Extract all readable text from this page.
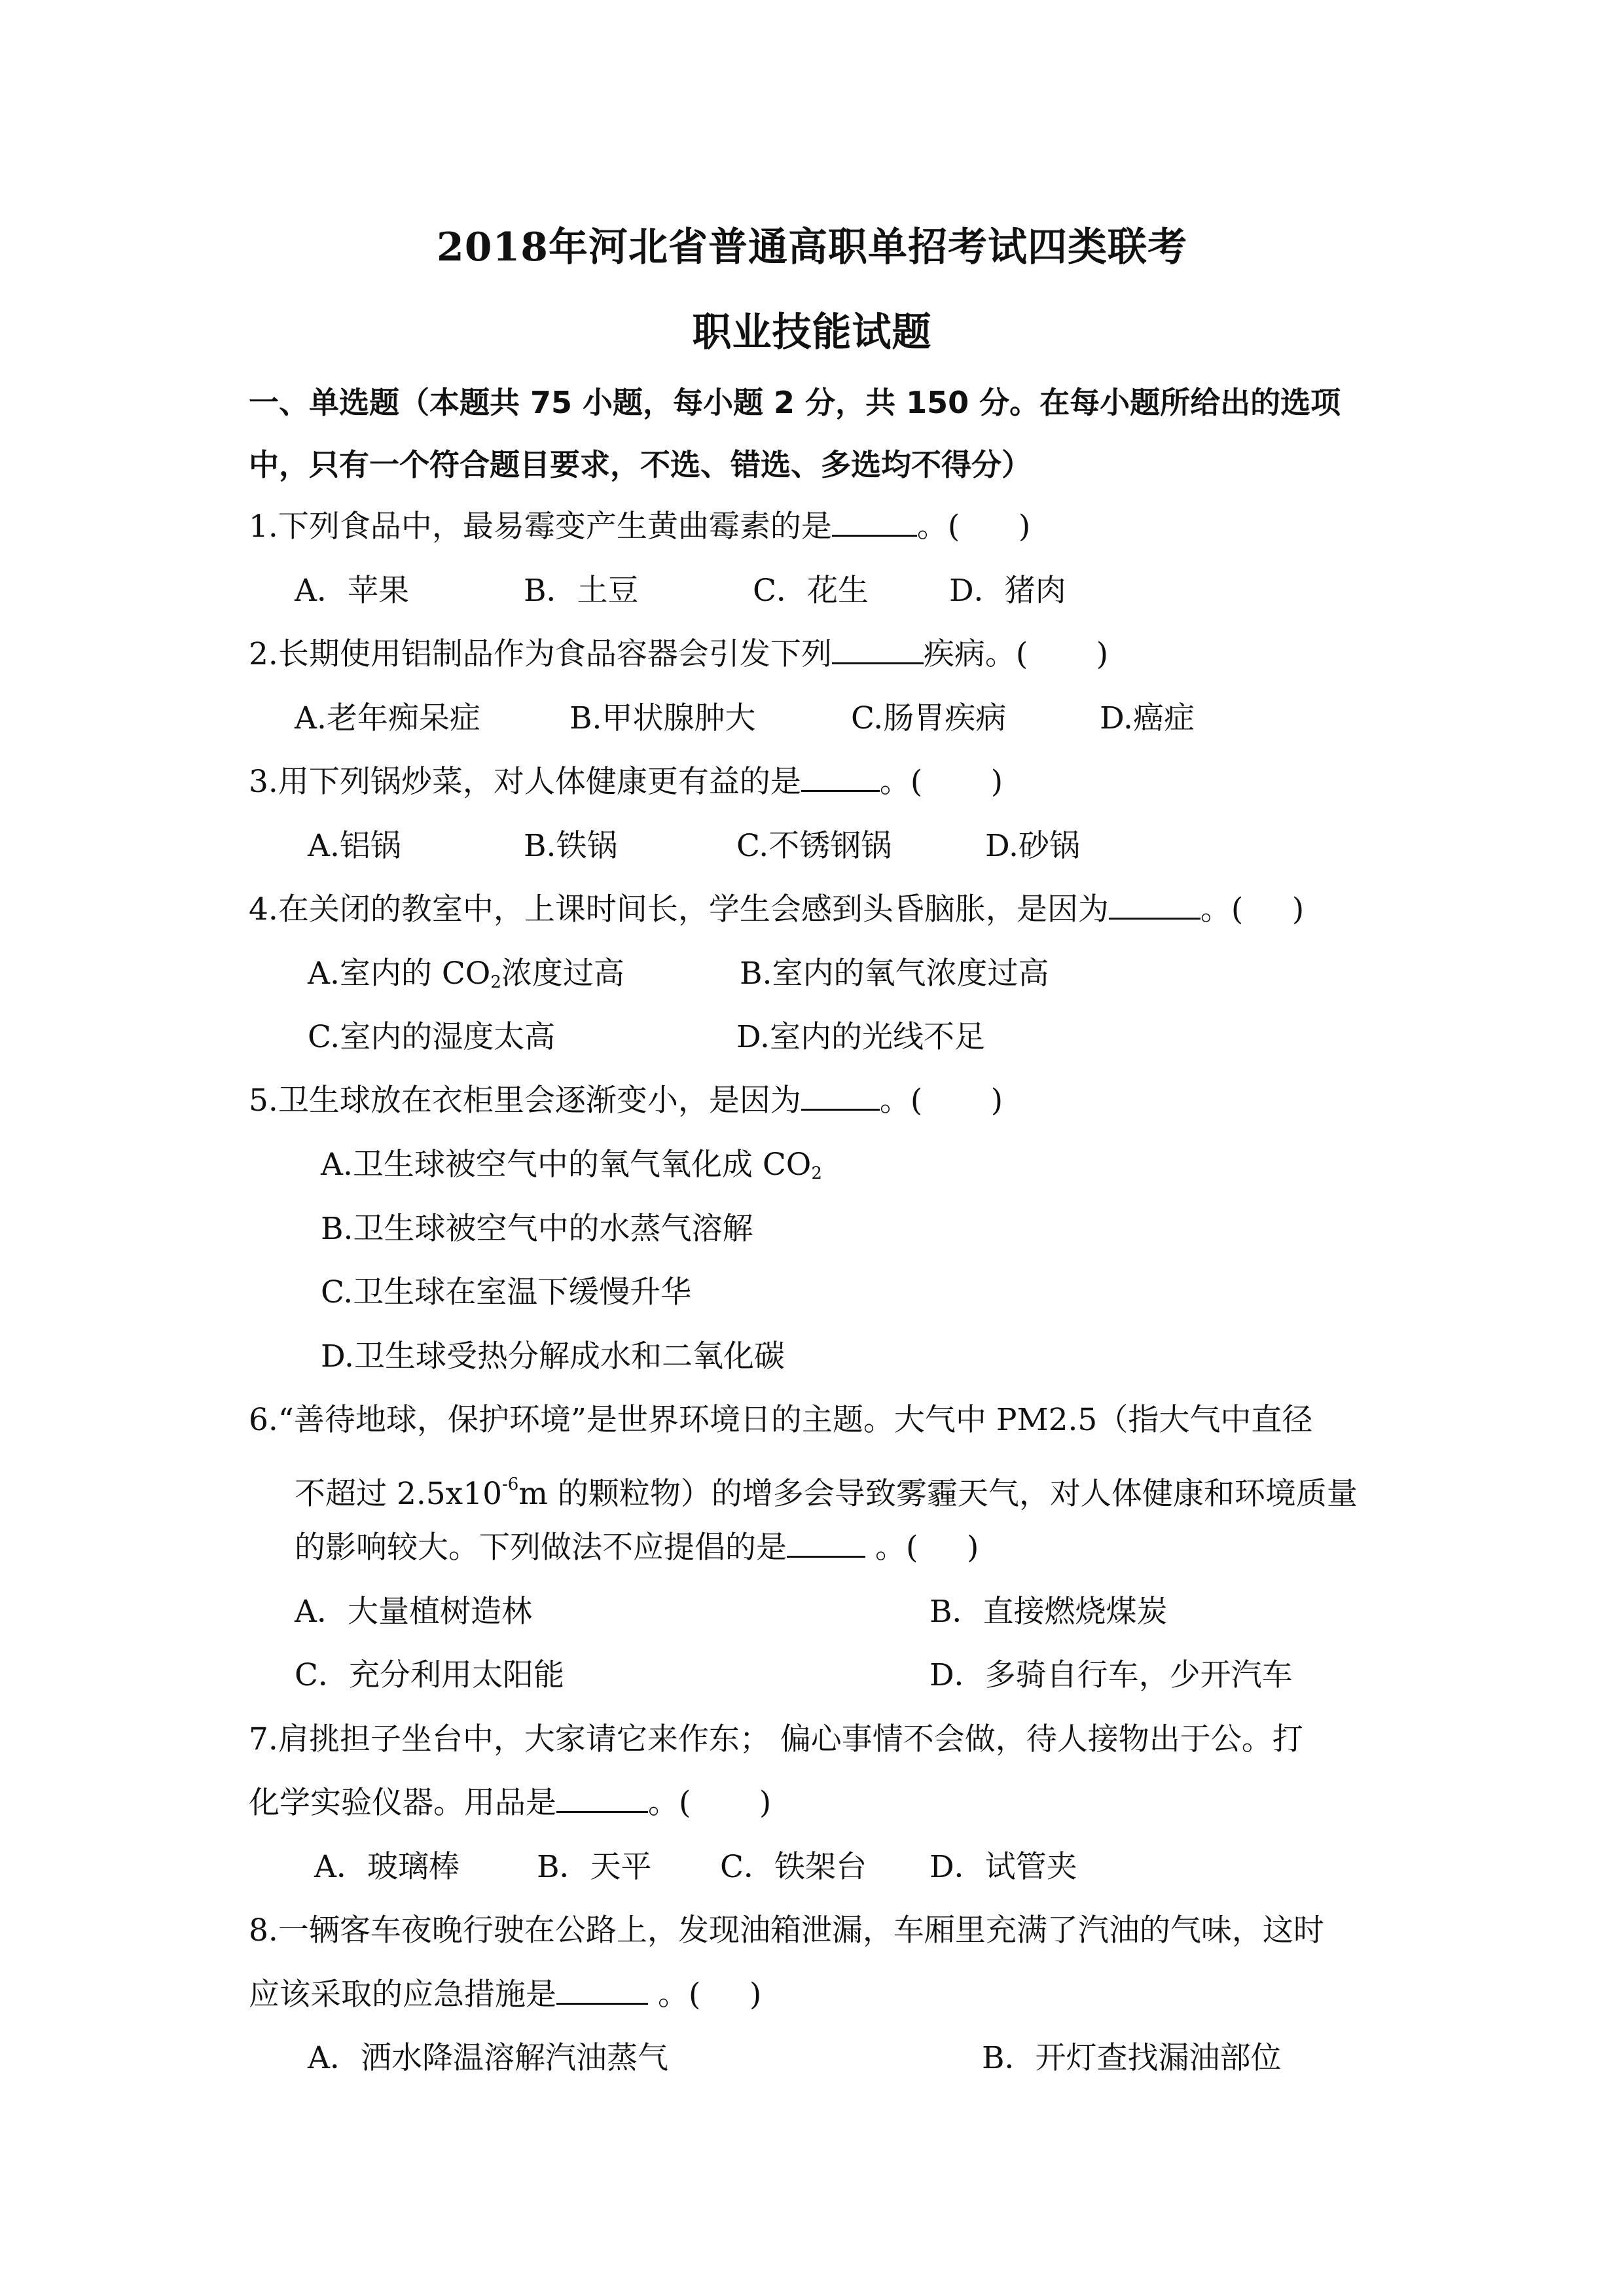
2018年河北省普通高职单招考试四类联考
职业技能试题
一、单选题（本题共 75 小题，每小题 2 分，共 150 分。在每小题所给出的选项
中，只有一个符合题目要求，不选、错选、多选均不得分）
1.下列食品中，最易霉变产生黄曲霉素的是	。(      )
A．苹果	B．土豆	C．花生	D．猪肉
2.长期使用铝制品作为食品容器会引发下列	疾病。(       )
A.老年痴呆症	B.甲状腺肿大	C.肠胃疾病	D.癌症
3.用下列锅炒菜，对人体健康更有益的是	。(       )
A.铝锅	B.铁锅	C.不锈钢锅	D.砂锅
4.在关闭的教室中，上课时间长，学生会感到头昏脑胀，是因为	。(     )
A.室内的 $CO_2$浓度过高	B.室内的氧气浓度过高
C.室内的湿度太高	D.室内的光线不足
5.卫生球放在衣柜里会逐渐变小，是因为	。(       )
A.卫生球被空气中的氧气氧化成 $CO_2$
B.卫生球被空气中的水蒸气溶解
C.卫生球在室温下缓慢升华
D.卫生球受热分解成水和二氧化碳
6.“善待地球，保护环境”是世界环境日的主题。大气中 PM2.5（指大气中直径
不超过 $2.5x10^{-6}m$ 的颗粒物）的增多会导致雾霾天气，对人体健康和环境质量
的影响较大。下列做法不应提倡的是	。(     )
A．大量植树造林	B．直接燃烧煤炭
C．充分利用太阳能	D．多骑自行车，少开汽车
7.肩挑担子坐台中，大家请它来作东； 偏心事情不会做，待人接物出于公。打
化学实验仪器。用品是	。(       )
A．玻璃棒	B．天平 C．铁架台 D．试管夹
8.一辆客车夜晚行驶在公路上，发现油箱泄漏，车厢里充满了汽油的气味，这时
应该采取的应急措施是	。(     )
A．洒水降温溶解汽油蒸气	B．开灯查找漏油部位
